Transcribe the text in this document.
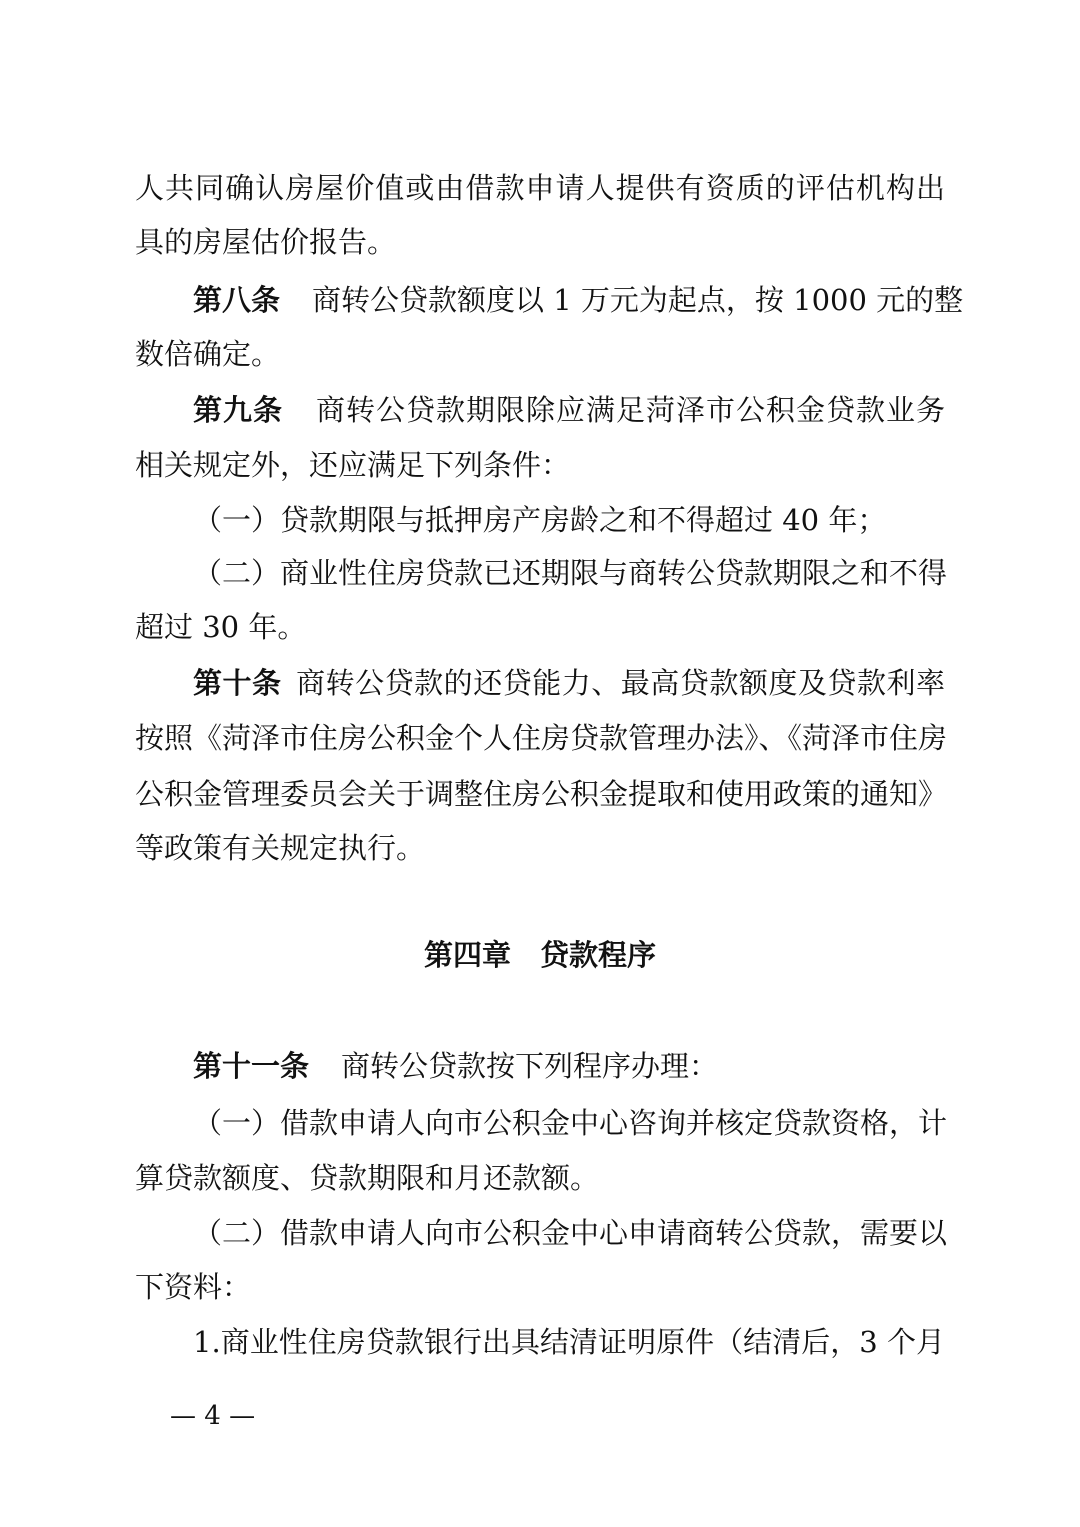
人共同确认房屋价值或由借款申请人提供有资质的评估机构出
具的房屋估价报告。
第八条 商转公贷款额度以 1 万元为起点，按 1000 元的整
数倍确定。
第九条 商转公贷款期限除应满足菏泽市公积金贷款业务
相关规定外，还应满足下列条件：
（一）贷款期限与抵押房产房龄之和不得超过 40 年；
（二）商业性住房贷款已还期限与商转公贷款期限之和不得
超过 30 年。
第十条 商转公贷款的还贷能力、最高贷款额度及贷款利率
按照《菏泽市住房公积金个人住房贷款管理办法》、《菏泽市住房
公积金管理委员会关于调整住房公积金提取和使用政策的通知》
等政策有关规定执行。
第四章　贷款程序
第十一条 商转公贷款按下列程序办理：
（一）借款申请人向市公积金中心咨询并核定贷款资格，计
算贷款额度、贷款期限和月还款额。
（二）借款申请人向市公积金中心申请商转公贷款，需要以
下资料：
1.商业性住房贷款银行出具结清证明原件（结清后，3 个月
— 4 —
